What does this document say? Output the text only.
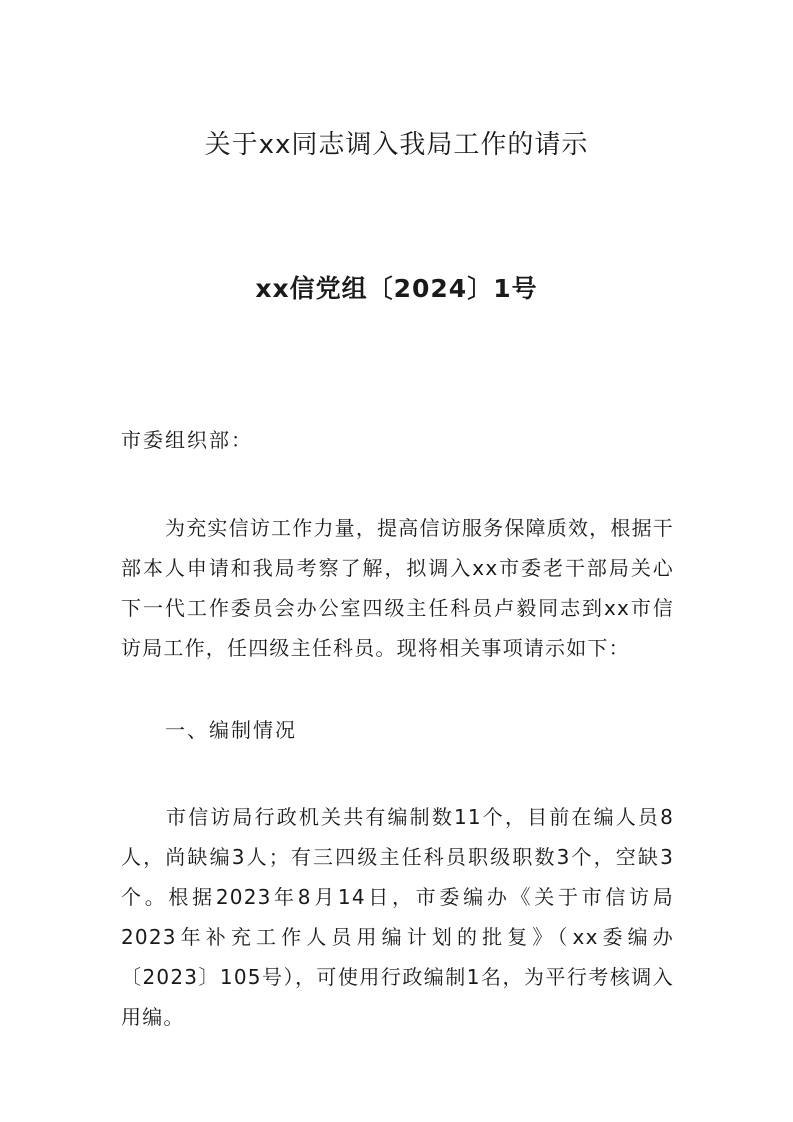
关于xx同志调入我局工作的请示
xx信党组〔2024〕1号

市委组织部：

为充实信访工作力量，提高信访服务保障质效，根据干部本人申请和我局考察了解，拟调入xx市委老干部局关心下一代工作委员会办公室四级主任科员卢毅同志到xx市信访局工作，任四级主任科员。现将相关事项请示如下：

一、编制情况

市信访局行政机关共有编制数11个，目前在编人员8人，尚缺编3人；有三四级主任科员职级职数3个，空缺3个。根据2023年8月14日，市委编办《关于市信访局2023年补充工作人员用编计划的批复》（xx委编办〔2023〕105号），可使用行政编制1名，为平行考核调入用编。
